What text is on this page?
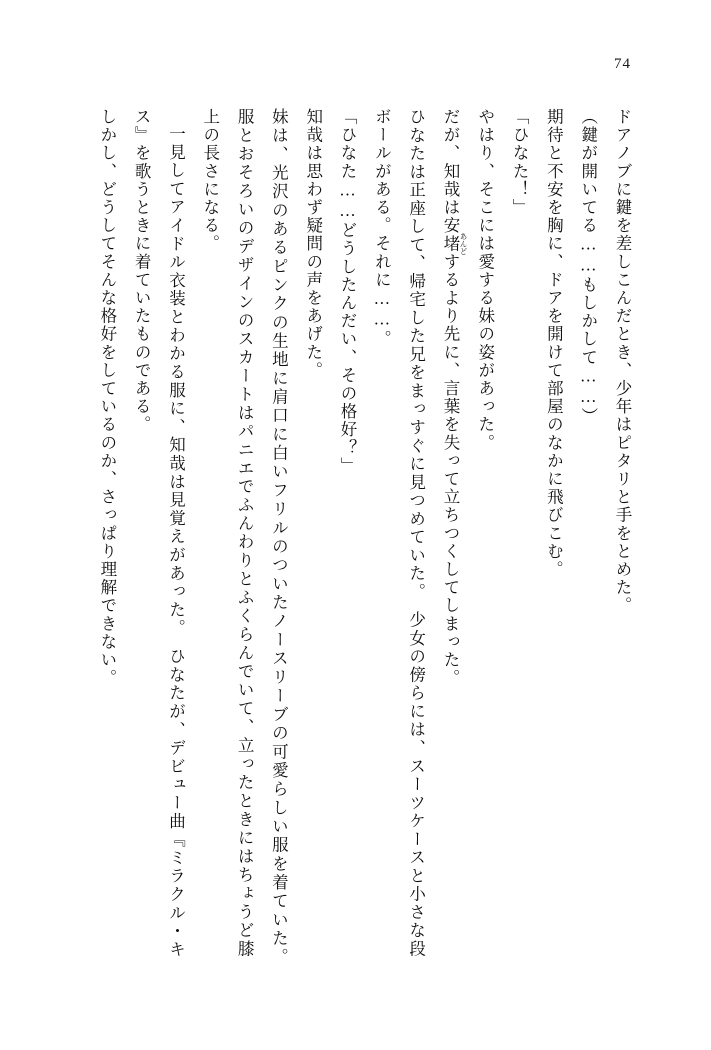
74

ドアノブに鍵を差しこんだとき、少年はピタリと手をとめた。

（鍵が開いてる……もしかして……）

期待と不安を胸に、ドアを開けて部屋のなかに飛びこむ。

「ひなた！」

やはり、そこには愛する妹の姿があった。

だが、知哉は安堵 あんどするより先に、言葉を失って立ちつくしてしまった。

ひなたは正座して、帰宅した兄をまっすぐに見つめていた。　少女の傍らには、スーツケースと小さな段ボールがある。それに……。

「ひなた……どうしたんだい、その格好？」

知哉は思わず疑問の声をあげた。

妹は、光沢のあるピンクの生地に肩口に白いフリルのついたノースリーブの可愛らしい服を着ていた。　服とおそろいのデザインのスカートはパニエでふんわりとふくらんでいて、立ったときにはちょうど膝上の長さになる。

一見してアイドル衣装とわかる服に、知哉は見覚えがあった。　ひなたが、デビュー曲『ミラクル・キス』を歌うときに着ていたものである。

しかし、どうしてそんな格好をしているのか、さっぱり理解できない。
